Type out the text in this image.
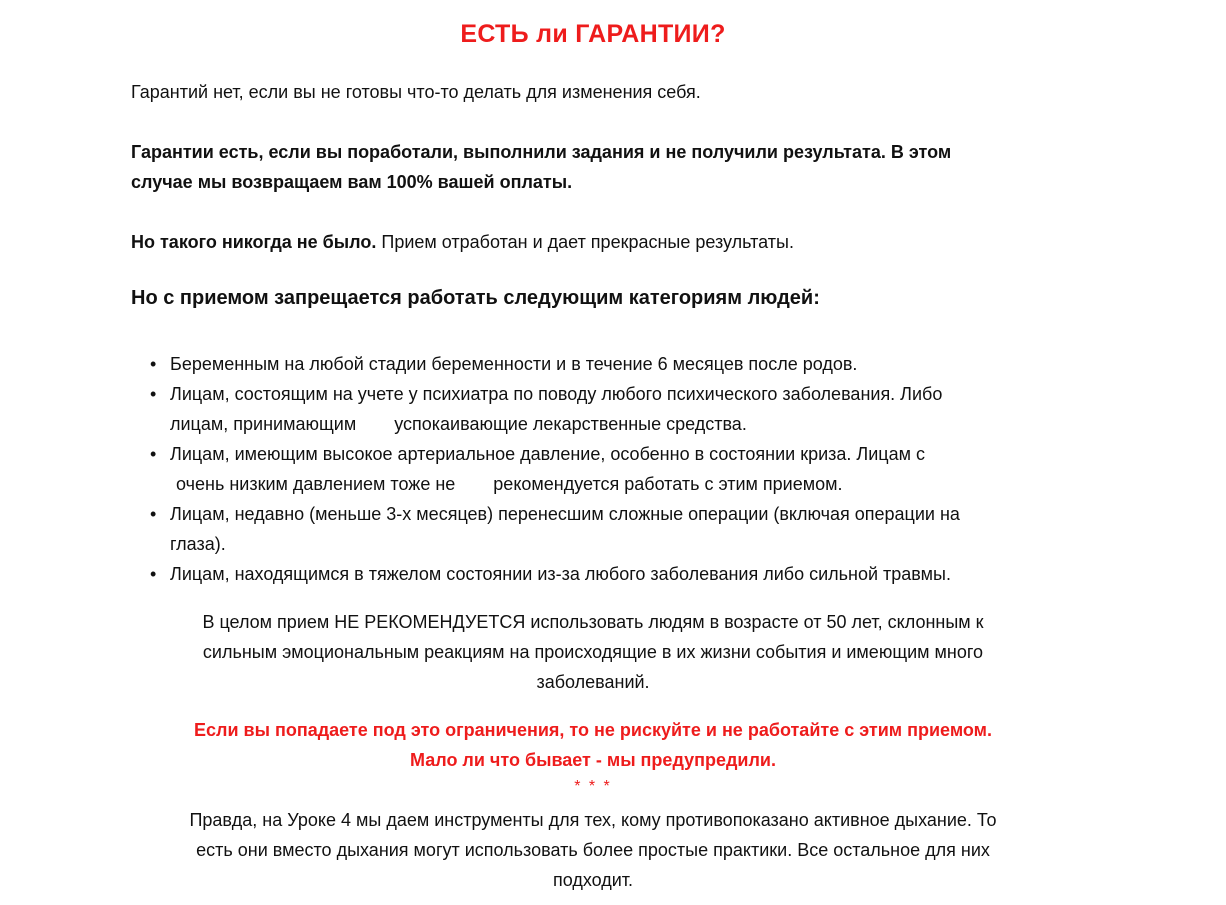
ЕСТЬ ли ГАРАНТИИ?
Гарантий нет, если вы не готовы что-то делать для изменения себя.
Гарантии есть, если вы поработали, выполнили задания и не получили результата. В этом
случае мы возвращаем вам 100% вашей оплаты.
Но такого никогда не было. Прием отработан и дает прекрасные результаты.
Но с приемом запрещается работать следующим категориям людей:
• Беременным на любой стадии беременности и в течение 6 месяцев после родов.
• Лицам, состоящим на учете у психиатра по поводу любого психического заболевания. Либо
лицам, принимающим успокаивающие лекарственные средства.
• Лицам, имеющим высокое артериальное давление, особенно в состоянии криза. Лицам с
очень низким давлением тоже не рекомендуется работать с этим приемом.
• Лицам, недавно (меньше 3-х месяцев) перенесшим сложные операции (включая операции на
глаза).
• Лицам, находящимся в тяжелом состоянии из-за любого заболевания либо сильной травмы.
В целом прием НЕ РЕКОМЕНДУЕТСЯ использовать людям в возрасте от 50 лет, склонным к
сильным эмоциональным реакциям на происходящие в их жизни события и имеющим много
заболеваний.
Если вы попадаете под это ограничения, то не рискуйте и не работайте с этим приемом.
Мало ли что бывает - мы предупредили.
* * *
Правда, на Уроке 4 мы даем инструменты для тех, кому противопоказано активное дыхание. То
есть они вместо дыхания могут использовать более простые практики. Все остальное для них
подходит.
